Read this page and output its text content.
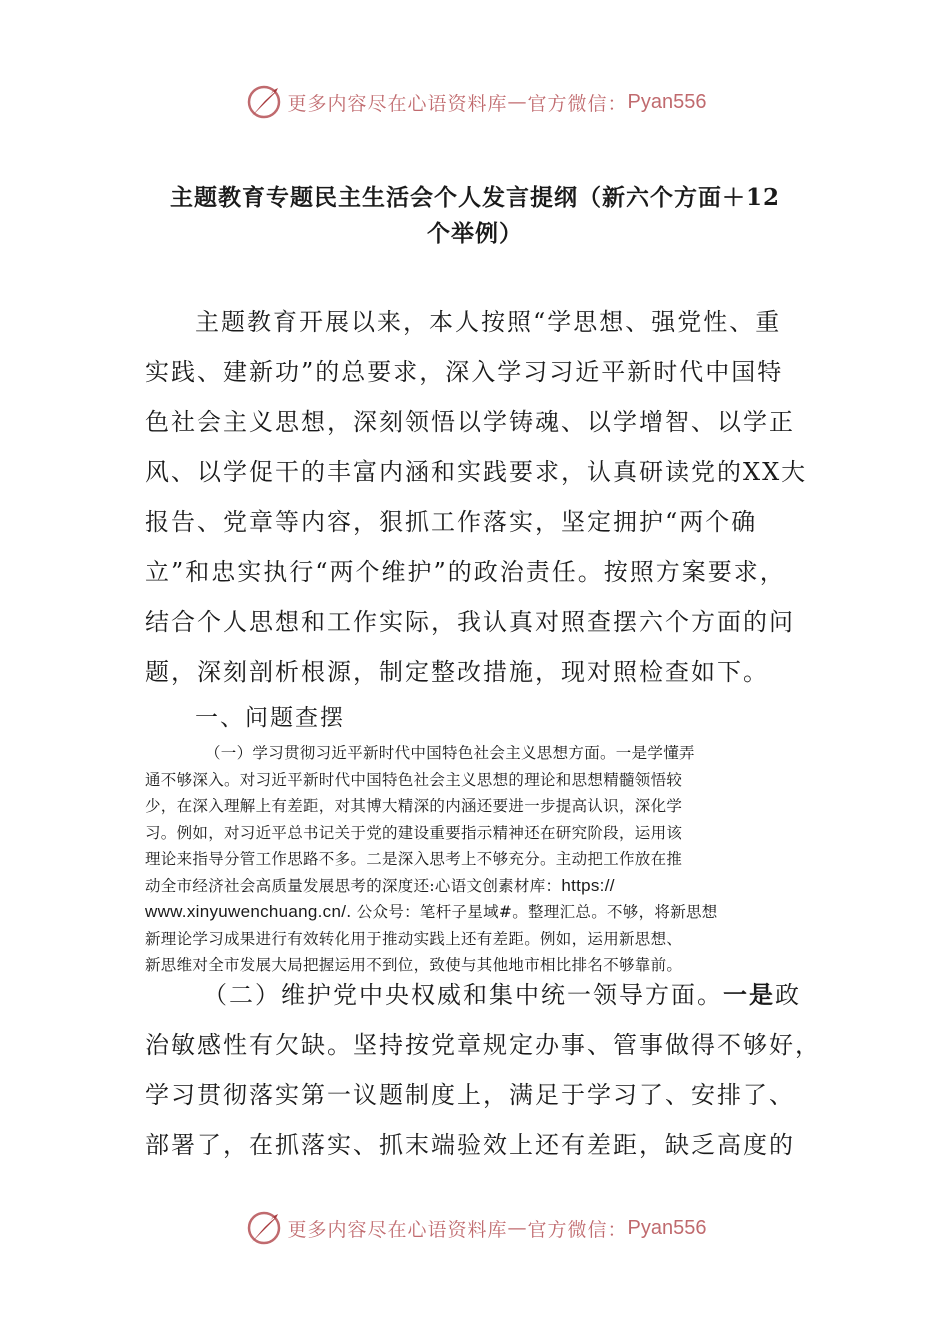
更多内容尽在心语资料库 — 官方微信： Pyan556
主题教育专题民主生活会个人发言提纲（新六个方面＋12
个举例）
主题教育开展以来，本人按照“学思想、强党性、重
实践、建新功”的总要求，深入学习习近平新时代中国特
色社会主义思想，深刻领悟以学铸魂、以学增智、以学正
风、以学促干的丰富内涵和实践要求，认真研读党的XX大
报告、党章等内容，狠抓工作落实，坚定拥护“两个确
立”和忠实执行“两个维护”的政治责任。按照方案要求，
结合个人思想和工作实际，我认真对照查摆六个方面的问
题，深刻剖析根源，制定整改措施，现对照检查如下。
一、问题查摆
（一）学习贯彻习近平新时代中国特色社会主义思想方面。一是学懂弄
通不够深入。对习近平新时代中国特色社会主义思想的理论和思想精髓领悟较
少，在深入理解上有差距，对其博大精深的内涵还要进一步提高认识，深化学
习。例如，对习近平总书记关于党的建设重要指示精神还在研究阶段，运用该
理论来指导分管工作思路不多。二是深入思考上不够充分。主动把工作放在推
动全市经济社会高质量发展思考的深度还:心语文创素材库：https://
www.xinyuwenchuang.cn/. 公众号：笔杆子星域#。整理汇总。不够，将新思想
新理论学习成果进行有效转化用于推动实践上还有差距。例如，运用新思想、
新思维对全市发展大局把握运用不到位，致使与其他地市相比排名不够靠前。
（二）维护党中央权威和集中统一领导方面。一是政
治敏感性有欠缺。坚持按党章规定办事、管事做得不够好，
学习贯彻落实第一议题制度上，满足于学习了、安排了、
部署了，在抓落实、抓末端验效上还有差距，缺乏高度的
更多内容尽在心语资料库 — 官方微信： Pyan556
